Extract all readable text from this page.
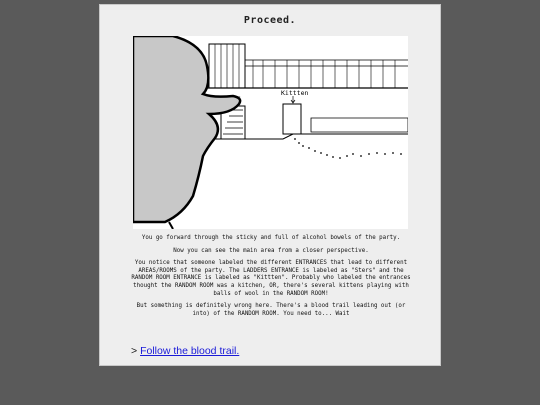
Proceed.
Kittten

You go forward through the sticky and full of alcohol bowels of the party.

Now you can see the main area from a closer perspective.

You notice that someone labeled the different ENTRANCES that lead to different AREAS/ROOMS of the party. The LADDERS ENTRANCE is labeled as "Sters" and the RANDOM ROOM ENTRANCE is labeled as "Kittten". Probably who labeled the entrances thought the RANDOM ROOM was a kitchen, OR, there's several kittens playing with balls of wool in the RANDOM ROOM!

But something is definitely wrong here. There's a blood trail leading out (or into) of the RANDOM ROOM. You need to... Wait

> Follow the blood trail.
